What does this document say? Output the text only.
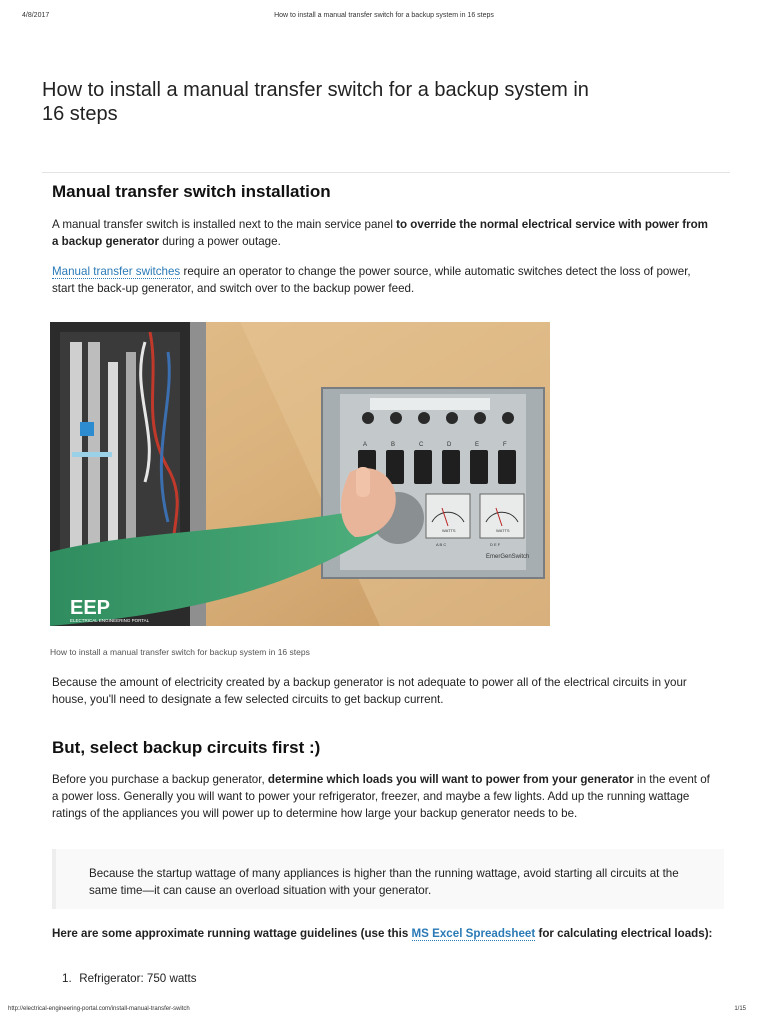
4/8/2017	How to install a manual transfer switch for a backup system in 16 steps
How to install a manual transfer switch for a backup system in 16 steps
Manual transfer switch installation

A manual transfer switch is installed next to the main service panel to override the normal electrical service with power from a backup generator during a power outage.

Manual transfer switches require an operator to change the power source, while automatic switches detect the loss of power, start the back-up generator, and switch over to the backup power feed.

A	B	C	D	E	F
WATTS	WATTS
A B C	D E F
EmerGenSwitch
EEP
ELECTRICAL ENGINEERING PORTAL
How to install a manual transfer switch for backup system in 16 steps

Because the amount of electricity created by a backup generator is not adequate to power all of the electrical circuits in your house, you'll need to designate a few selected circuits to get backup current.

But, select backup circuits first :)

Before you purchase a backup generator, determine which loads you will want to power from your generator in the event of a power loss. Generally you will want to power your refrigerator, freezer, and maybe a few lights. Add up the running wattage ratings of the appliances you will power up to determine how large your backup generator needs to be.

Because the startup wattage of many appliances is higher than the running wattage, avoid starting all circuits at the same time—it can cause an overload situation with your generator.

Here are some approximate running wattage guidelines (use this MS Excel Spreadsheet for calculating electrical loads):

1. Refrigerator: 750 watts
http://electrical-engineering-portal.com/install-manual-transfer-switch	1/15
